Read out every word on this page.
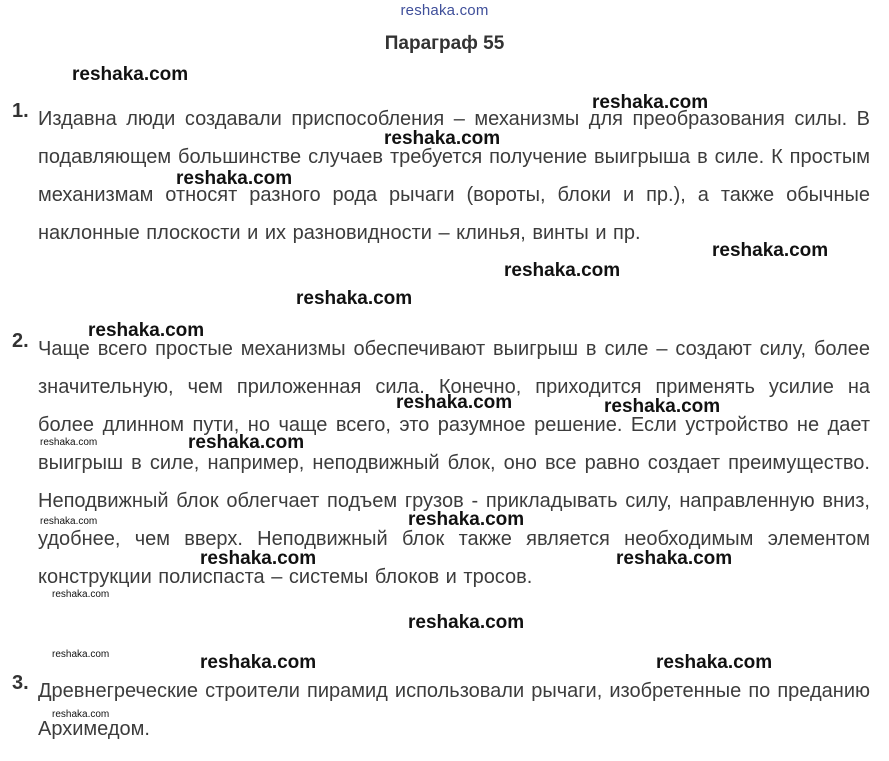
reshaka.com
Параграф 55
1. Издавна люди создавали приспособления – механизмы для преобразования силы. В подавляющем большинстве случаев требуется получение выигрыша в силе. К простым механизмам относят разного рода рычаги (вороты, блоки и пр.), а также обычные наклонные плоскости и их разновидности – клинья, винты и пр.
2. Чаще всего простые механизмы обеспечивают выигрыш в силе – создают силу, более значительную, чем приложенная сила. Конечно, приходится применять усилие на более длинном пути, но чаще всего, это разумное решение. Если устройство не дает выигрыш в силе, например, неподвижный блок, оно все равно создает преимущество. Неподвижный блок облегчает подъем грузов - прикладывать силу, направленную вниз, удобнее, чем вверх. Неподвижный блок также является необходимым элементом конструкции полиспаста – системы блоков и тросов.
3. Древнегреческие строители пирамид использовали рычаги, изобретенные по преданию Архимедом.
reshaka.com
reshaka.com
reshaka.com
reshaka.com
reshaka.com
reshaka.com
reshaka.com
reshaka.com
reshaka.com	reshaka.com
reshaka.com
reshaka.com
reshaka.com
reshaka.com
reshaka.com	reshaka.com
reshaka.com
reshaka.com
reshaka.com	reshaka.com	reshaka.com
reshaka.com
